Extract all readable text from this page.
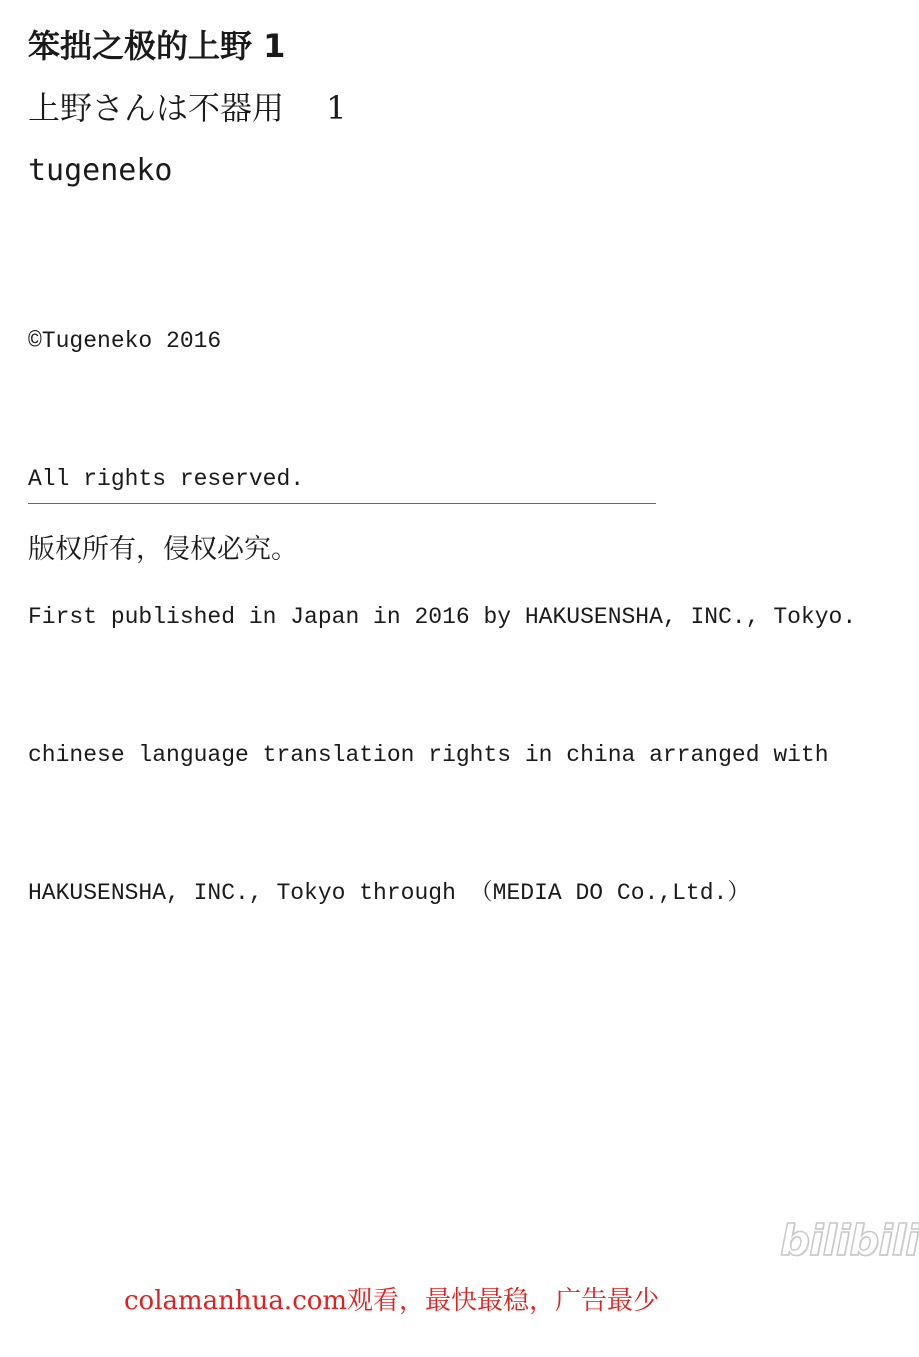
笨拙之极的上野 1
上野さんは不器用　 1
tugeneko

©Tugeneko 2016

All rights reserved.

First published in Japan in 2016 by HAKUSENSHA, INC., Tokyo.

chinese language translation rights in china arranged with

HAKUSENSHA, INC., Tokyo through （MEDIA DO Co.,Ltd.）

版权所有，侵权必究。
bilibili
colamanhua.com观看，最快最稳，广告最少
